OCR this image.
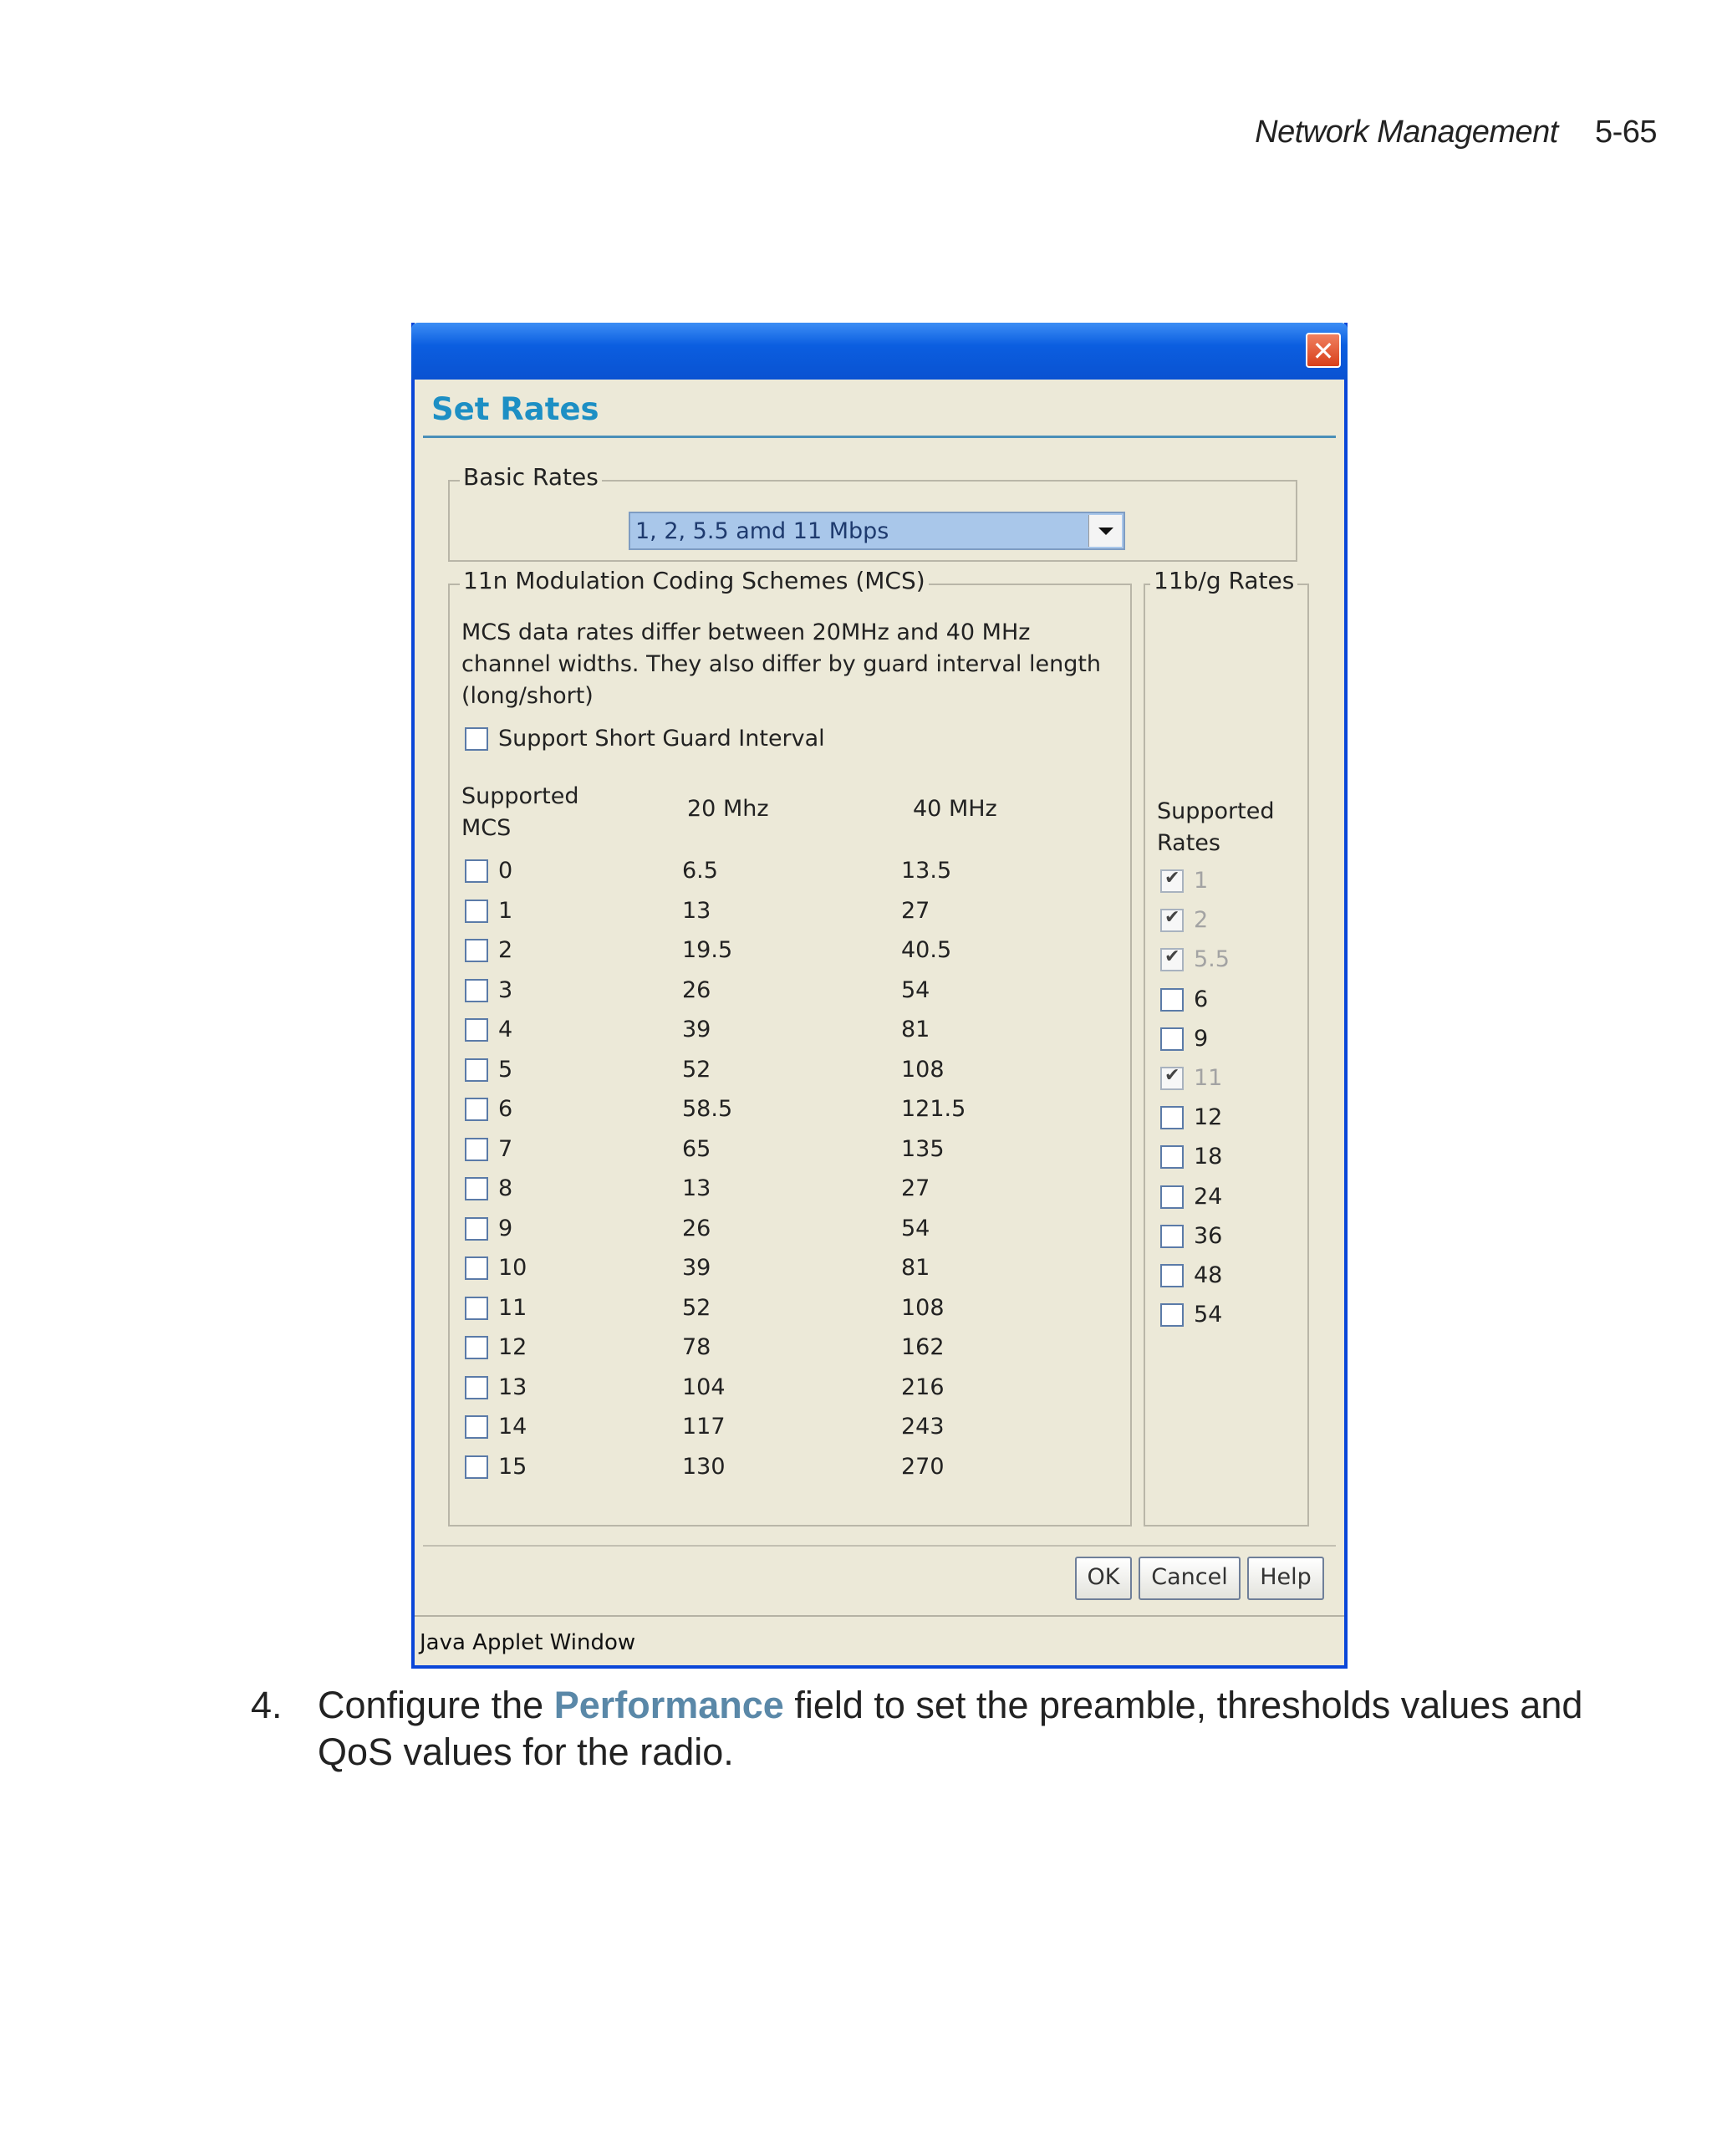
Network Management 5-65
✕
Set Rates
Basic Rates
1, 2, 5.5 amd 11 Mbps
11n Modulation Coding Schemes (MCS)
MCS data rates differ between 20MHz and 40 MHz channel widths. They also differ by guard interval length (long/short)
Support Short Guard Interval
Supported MCS
20 Mhz	40 MHz
0	6.5	13.5
1	13	27
2	19.5	40.5
3	26	54
4	39	81
5	52	108
6	58.5	121.5
7	65	135
8	13	27
9	26	54
10	39	81
11	52	108
12	78	162
13	104	216
14	117	243
15	130	270
11b/g Rates
Supported Rates
✔
1
✔
2
✔
5.5
6
9
✔
11
12
18
24
36
48
54
OK	Cancel	Help
Java Applet Window
4. Configure the Performance field to set the preamble, thresholds values and QoS values for the radio.
